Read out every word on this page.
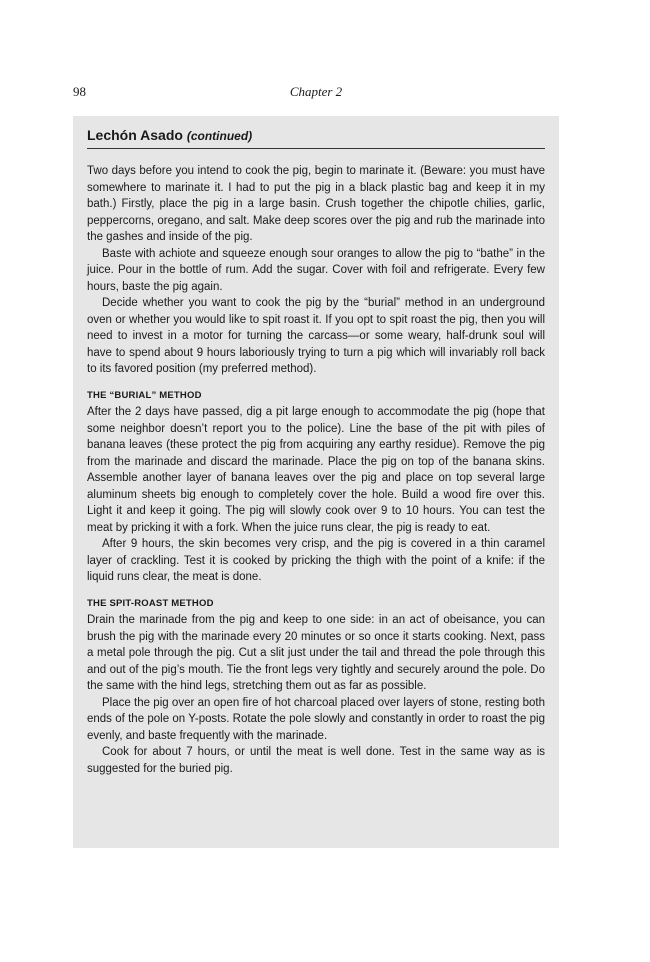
98	Chapter 2
Lechón Asado (continued)

Two days before you intend to cook the pig, begin to marinate it. (Beware: you must have somewhere to marinate it. I had to put the pig in a black plastic bag and keep it in my bath.) Firstly, place the pig in a large basin. Crush together the chipotle chilies, garlic, peppercorns, oregano, and salt. Make deep scores over the pig and rub the marinade into the gashes and inside of the pig.

Baste with achiote and squeeze enough sour oranges to allow the pig to “bathe” in the juice. Pour in the bottle of rum. Add the sugar. Cover with foil and refrigerate. Every few hours, baste the pig again.

Decide whether you want to cook the pig by the “burial” method in an underground oven or whether you would like to spit roast it. If you opt to spit roast the pig, then you will need to invest in a motor for turning the carcass—or some weary, half-drunk soul will have to spend about 9 hours laboriously trying to turn a pig which will invariably roll back to its favored position (my preferred method).

THE “BURIAL” METHOD

After the 2 days have passed, dig a pit large enough to accommodate the pig (hope that some neighbor doesn’t report you to the police). Line the base of the pit with piles of banana leaves (these protect the pig from acquiring any earthy residue). Remove the pig from the marinade and discard the marinade. Place the pig on top of the banana skins. Assemble another layer of banana leaves over the pig and place on top several large aluminum sheets big enough to completely cover the hole. Build a wood fire over this. Light it and keep it going. The pig will slowly cook over 9 to 10 hours. You can test the meat by pricking it with a fork. When the juice runs clear, the pig is ready to eat.

After 9 hours, the skin becomes very crisp, and the pig is covered in a thin caramel layer of crackling. Test it is cooked by pricking the thigh with the point of a knife: if the liquid runs clear, the meat is done.

THE SPIT-ROAST METHOD

Drain the marinade from the pig and keep to one side: in an act of obeisance, you can brush the pig with the marinade every 20 minutes or so once it starts cooking. Next, pass a metal pole through the pig. Cut a slit just under the tail and thread the pole through this and out of the pig’s mouth. Tie the front legs very tightly and securely around the pole. Do the same with the hind legs, stretching them out as far as possible.

Place the pig over an open fire of hot charcoal placed over layers of stone, resting both ends of the pole on Y-posts. Rotate the pole slowly and constantly in order to roast the pig evenly, and baste frequently with the marinade.

Cook for about 7 hours, or until the meat is well done. Test in the same way as is suggested for the buried pig.
